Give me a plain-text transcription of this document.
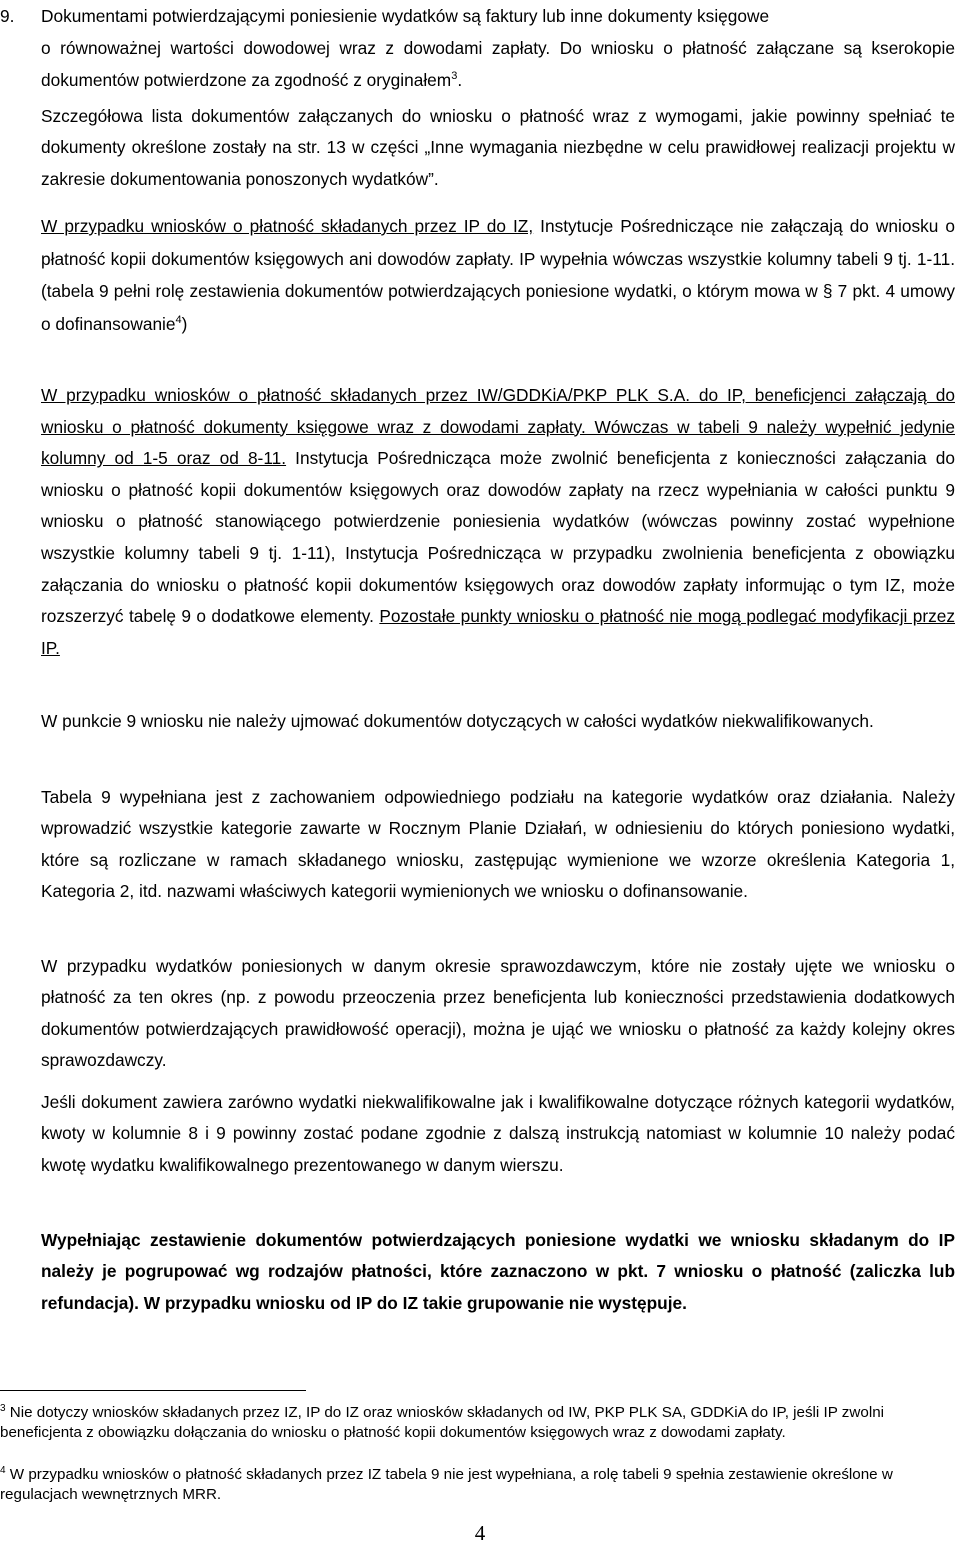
9. Dokumentami potwierdzającymi poniesienie wydatków są faktury lub inne dokumenty księgowe
o równoważnej wartości dowodowej wraz z dowodami zapłaty. Do wniosku o płatność załączane są kserokopie dokumentów potwierdzone za zgodność z oryginałem$^3$.
Szczegółowa lista dokumentów załączanych do wniosku o płatność wraz z wymogami, jakie powinny spełniać te dokumenty określone zostały na str. 13 w części „Inne wymagania niezbędne w celu prawidłowej realizacji projektu w zakresie dokumentowania ponoszonych wydatków”.
W przypadku wniosków o płatność składanych przez IP do IZ, Instytucje Pośredniczące nie załączają do wniosku o płatność kopii dokumentów księgowych ani dowodów zapłaty. IP wypełnia wówczas wszystkie kolumny tabeli 9 tj. 1-11. (tabela 9 pełni rolę zestawienia dokumentów potwierdzających poniesione wydatki, o którym mowa w § 7 pkt. 4 umowy o dofinansowanie$^4$)
W przypadku wniosków o płatność składanych przez IW/GDDKiA/PKP PLK S.A. do IP, beneficjenci załączają do wniosku o płatność dokumenty księgowe wraz z dowodami zapłaty. Wówczas w tabeli 9 należy wypełnić jedynie kolumny od 1-5 oraz od 8-11. Instytucja Pośrednicząca może zwolnić beneficjenta z konieczności załączania do wniosku o płatność kopii dokumentów księgowych oraz dowodów zapłaty na rzecz wypełniania w całości punktu 9 wniosku o płatność stanowiącego potwierdzenie poniesienia wydatków (wówczas powinny zostać wypełnione wszystkie kolumny tabeli 9 tj. 1-11), Instytucja Pośrednicząca w przypadku zwolnienia beneficjenta z obowiązku załączania do wniosku o płatność kopii dokumentów księgowych oraz dowodów zapłaty informując o tym IZ, może rozszerzyć tabelę 9 o dodatkowe elementy. Pozostałe punkty wniosku o płatność nie mogą podlegać modyfikacji przez IP.
W punkcie 9 wniosku nie należy ujmować dokumentów dotyczących w całości wydatków niekwalifikowanych.
Tabela 9 wypełniana jest z zachowaniem odpowiedniego podziału na kategorie wydatków oraz działania. Należy wprowadzić wszystkie kategorie zawarte w Rocznym Planie Działań, w odniesieniu do których poniesiono wydatki, które są rozliczane w ramach składanego wniosku, zastępując wymienione we wzorze określenia Kategoria 1, Kategoria 2, itd. nazwami właściwych kategorii wymienionych we wniosku o dofinansowanie.
W przypadku wydatków poniesionych w danym okresie sprawozdawczym, które nie zostały ujęte we wniosku o płatność za ten okres (np. z powodu przeoczenia przez beneficjenta lub konieczności przedstawienia dodatkowych dokumentów potwierdzających prawidłowość operacji), można je ująć we wniosku o płatność za każdy kolejny okres sprawozdawczy.
Jeśli dokument zawiera zarówno wydatki niekwalifikowalne jak i kwalifikowalne dotyczące różnych kategorii wydatków, kwoty w kolumnie 8 i 9 powinny zostać podane zgodnie z dalszą instrukcją natomiast w kolumnie 10 należy podać kwotę wydatku kwalifikowalnego prezentowanego w danym wierszu.
Wypełniając zestawienie dokumentów potwierdzających poniesione wydatki we wniosku składanym do IP należy je pogrupować wg rodzajów płatności, które zaznaczono w pkt. 7 wniosku o płatność (zaliczka lub refundacja). W przypadku wniosku od IP do IZ takie grupowanie nie występuje.
$^3$ Nie dotyczy wniosków składanych przez IZ, IP do IZ oraz wniosków składanych od IW, PKP PLK SA, GDDKiA do IP, jeśli IP zwolni beneficjenta z obowiązku dołączania do wniosku o płatność kopii dokumentów księgowych wraz z dowodami zapłaty.
$^4$ W przypadku wniosków o płatność składanych przez IZ tabela 9 nie jest wypełniana, a rolę tabeli 9 spełnia zestawienie określone w regulacjach wewnętrznych MRR.
4
